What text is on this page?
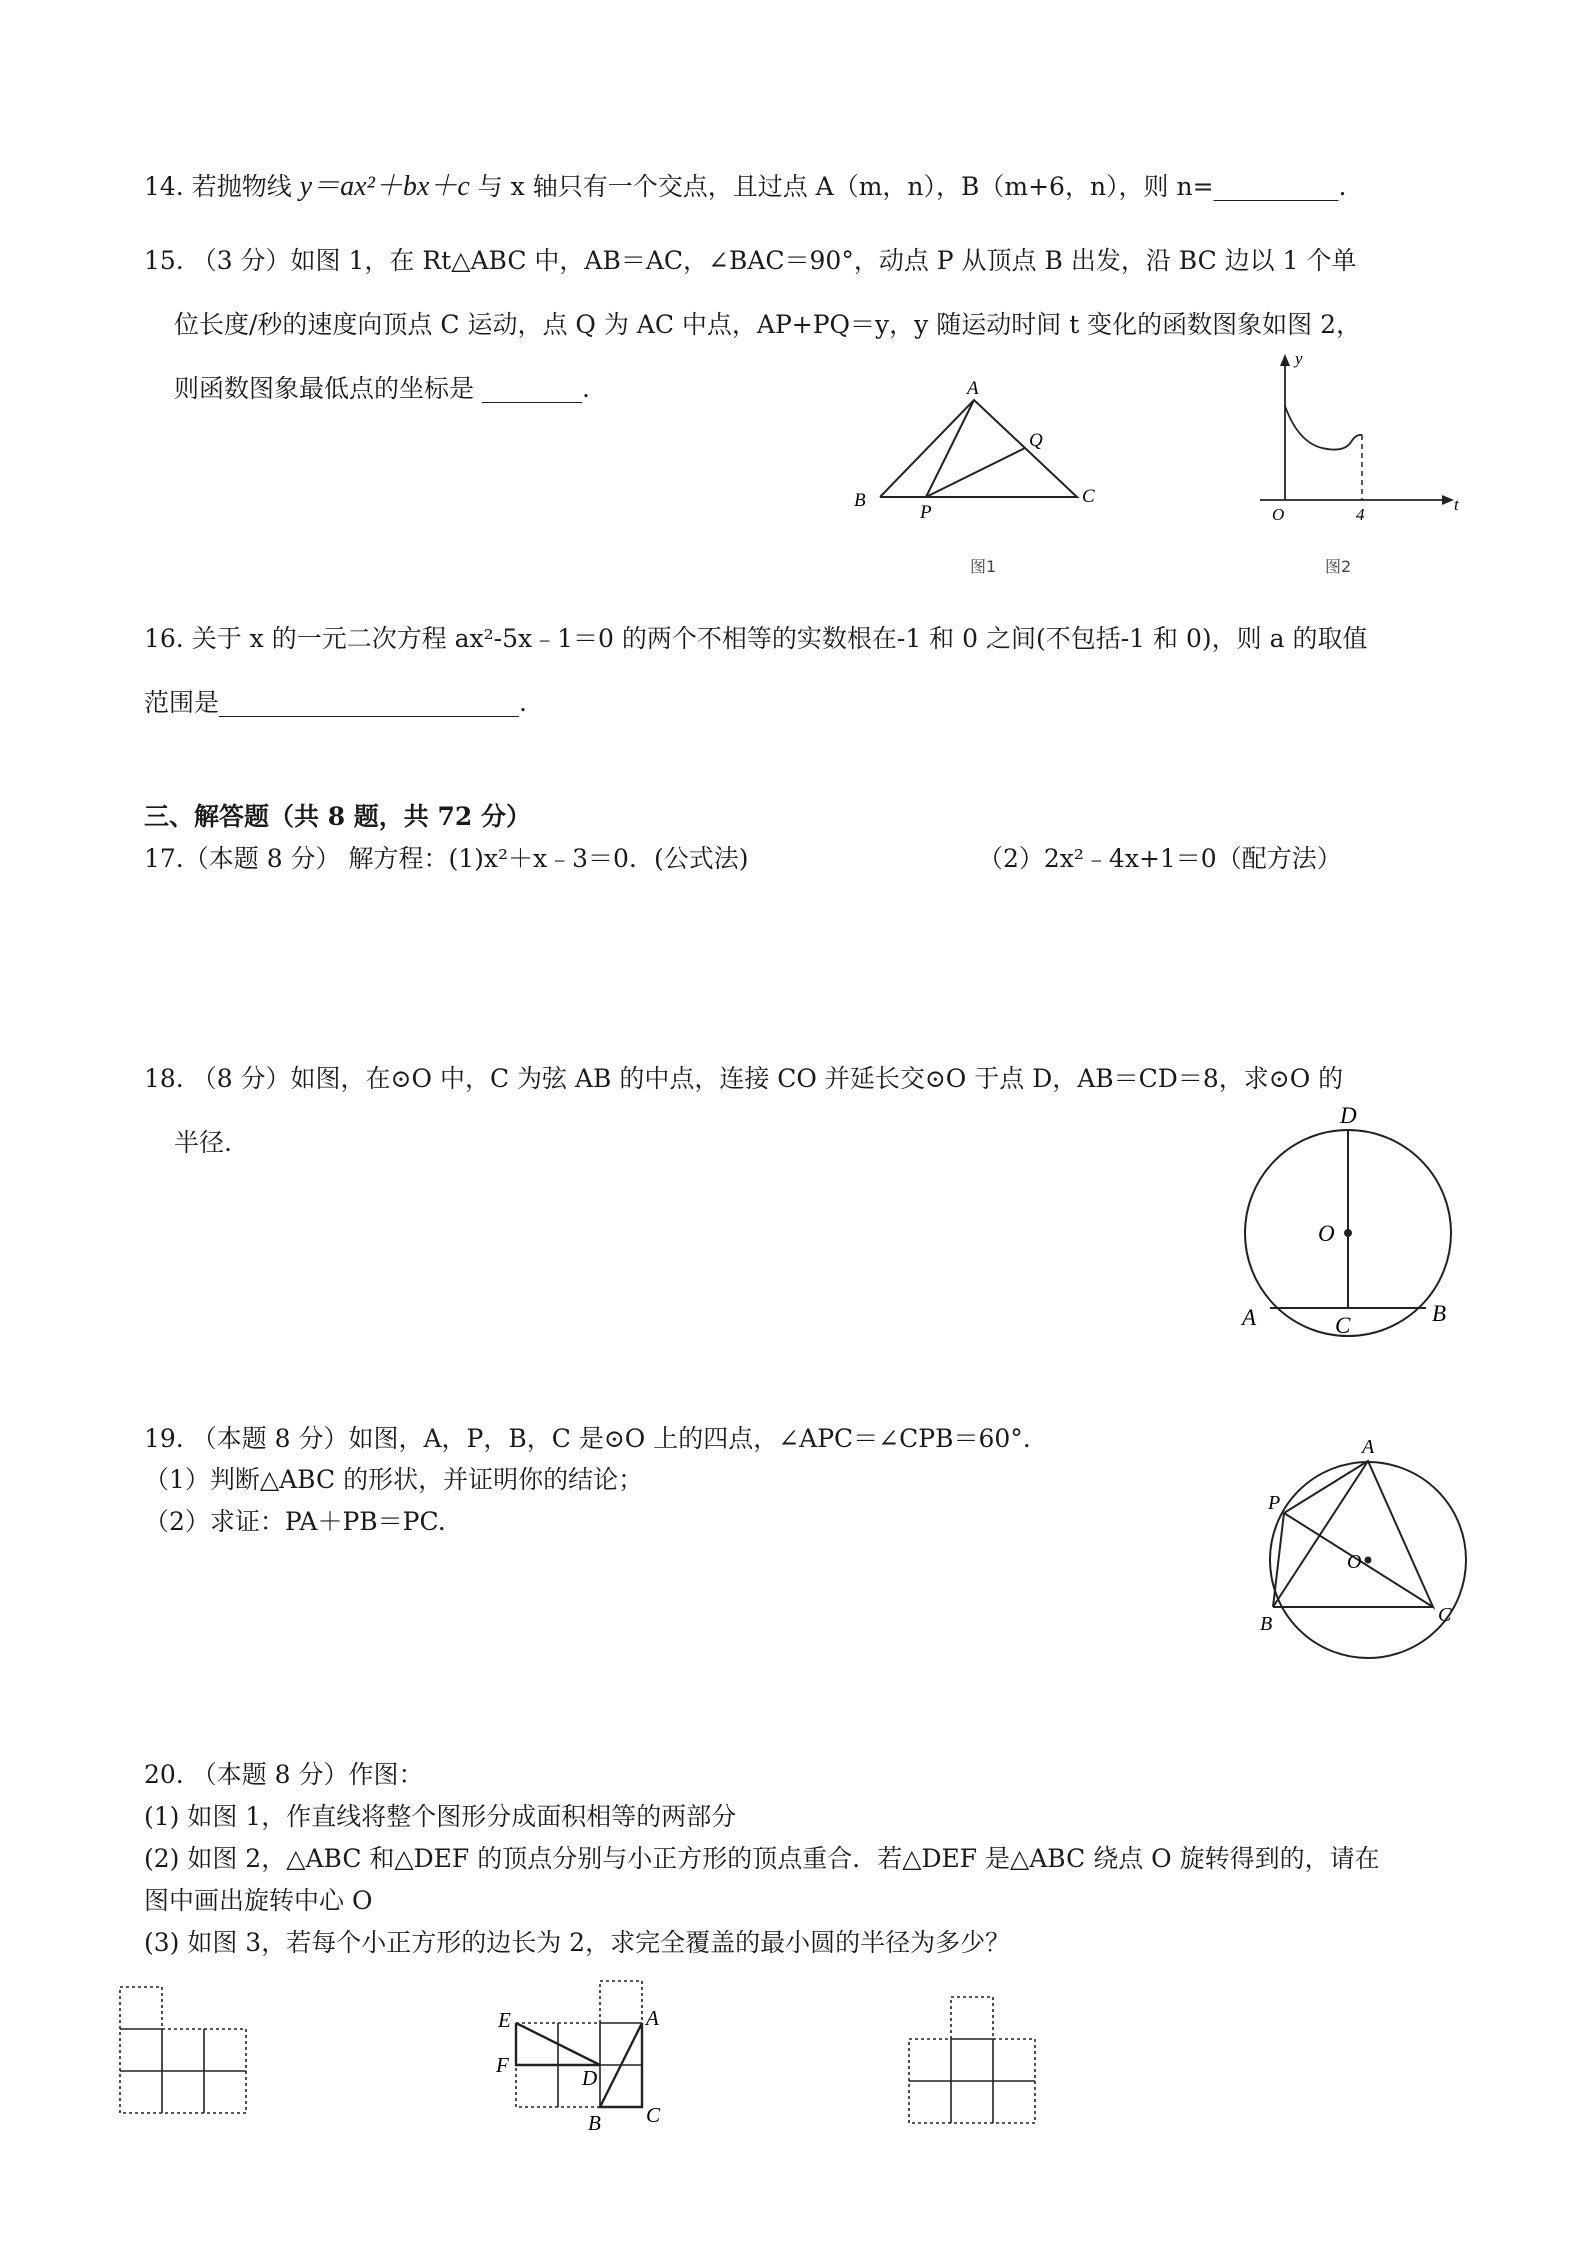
14. 若抛物线 y＝ax²＋bx＋c 与 x 轴只有一个交点，且过点 A（m，n），B（m+6，n），则 n=__________.
15. （3 分）如图 1，在 Rt△ABC 中，AB＝AC，∠BAC＝90°，动点 P 从顶点 B 出发，沿 BC 边以 1 个单
位长度/秒的速度向顶点 C 运动，点 Q 为 AC 中点，AP+PQ＝y，y 随运动时间 t 变化的函数图象如图 2，
则函数图象最低点的坐标是 ________.	A
B	C
P
Q
图1
y
t
O	4
图2
16. 关于 x 的一元二次方程 ax²-5x﹣1＝0 的两个不相等的实数根在-1 和 0 之间(不包括-1 和 0)，则 a 的取值
范围是________________________.
三、解答题（共 8 题，共 72 分）
17.（本题 8 分） 解方程：(1)x²＋x﹣3＝0．(公式法)	（2）2x²﹣4x+1＝0（配方法）
18. （8 分）如图，在⊙O 中，C 为弦 AB 的中点，连接 CO 并延长交⊙O 于点 D，AB＝CD＝8，求⊙O 的
半径.
D
O
A	C	B
19. （本题 8 分）如图，A，P，B，C 是⊙O 上的四点，∠APC＝∠CPB＝60°.
（1）判断△ABC 的形状，并证明你的结论；
（2）求证：PA＋PB＝PC.
A
P
O
B	C
20. （本题 8 分）作图：
(1) 如图 1，作直线将整个图形分成面积相等的两部分
(2) 如图 2，△ABC 和△DEF 的顶点分别与小正方形的顶点重合．若△DEF 是△ABC 绕点 O 旋转得到的，请在
图中画出旋转中心 O
(3) 如图 3，若每个小正方形的边长为 2，求完全覆盖的最小圆的半径为多少？
E
F
D
A
B C
